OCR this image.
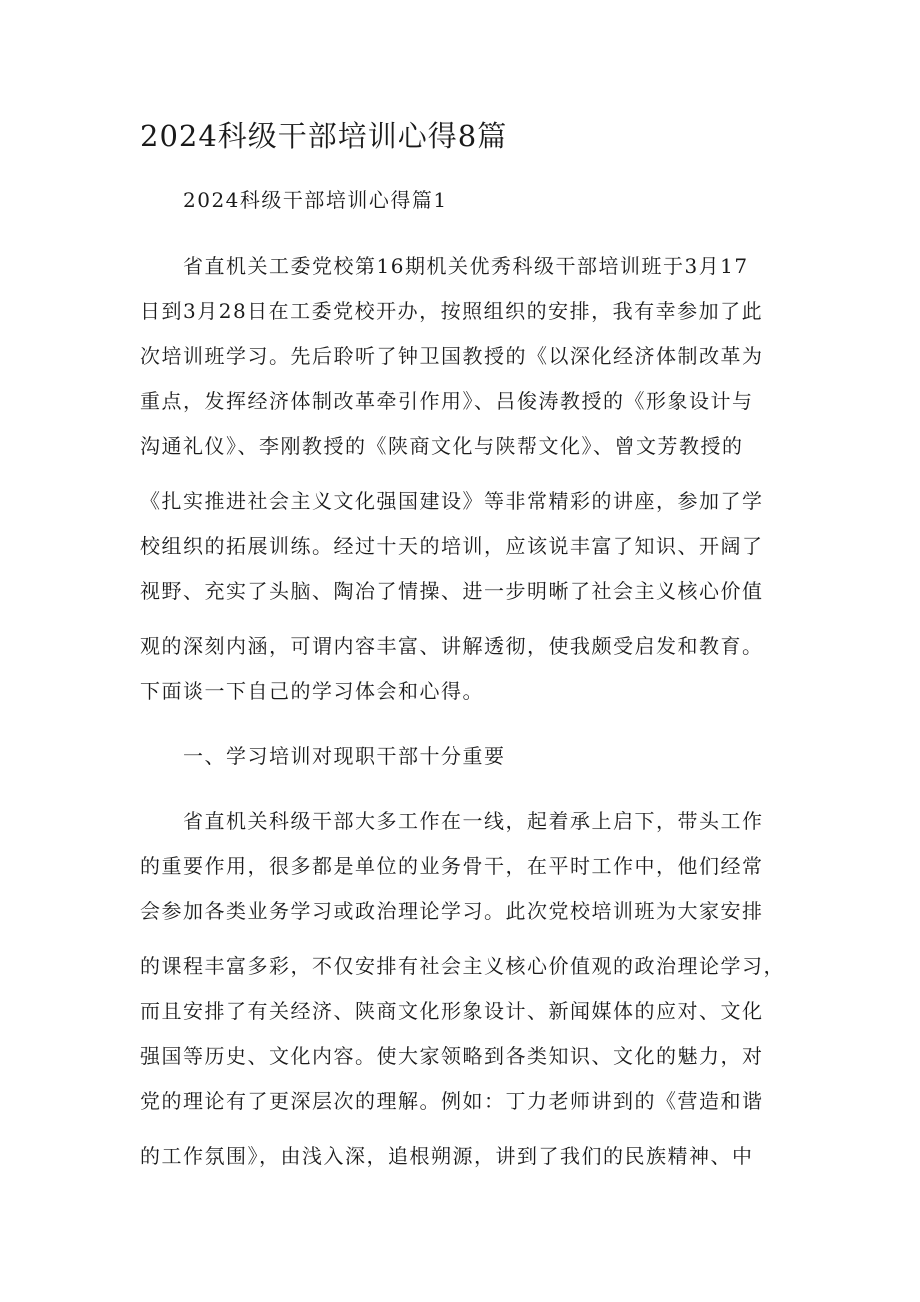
2024科级干部培训心得8篇
2024科级干部培训心得篇1
省直机关工委党校第16期机关优秀科级干部培训班于3月17
日到3月28日在工委党校开办，按照组织的安排，我有幸参加了此
次培训班学习。先后聆听了钟卫国教授的《以深化经济体制改革为
重点，发挥经济体制改革牵引作用》、吕俊涛教授的《形象设计与
沟通礼仪》、李刚教授的《陕商文化与陕帮文化》、曾文芳教授的
《扎实推进社会主义文化强国建设》等非常精彩的讲座，参加了学
校组织的拓展训练。经过十天的培训，应该说丰富了知识、开阔了
视野、充实了头脑、陶冶了情操、进一步明晰了社会主义核心价值
观的深刻内涵，可谓内容丰富、讲解透彻，使我颇受启发和教育。
下面谈一下自己的学习体会和心得。
一、学习培训对现职干部十分重要
省直机关科级干部大多工作在一线，起着承上启下，带头工作
的重要作用，很多都是单位的业务骨干，在平时工作中，他们经常
会参加各类业务学习或政治理论学习。此次党校培训班为大家安排
的课程丰富多彩，不仅安排有社会主义核心价值观的政治理论学习，
而且安排了有关经济、陕商文化形象设计、新闻媒体的应对、文化
强国等历史、文化内容。使大家领略到各类知识、文化的魅力，对
党的理论有了更深层次的理解。例如：丁力老师讲到的《营造和谐
的工作氛围》，由浅入深，追根朔源，讲到了我们的民族精神、中
